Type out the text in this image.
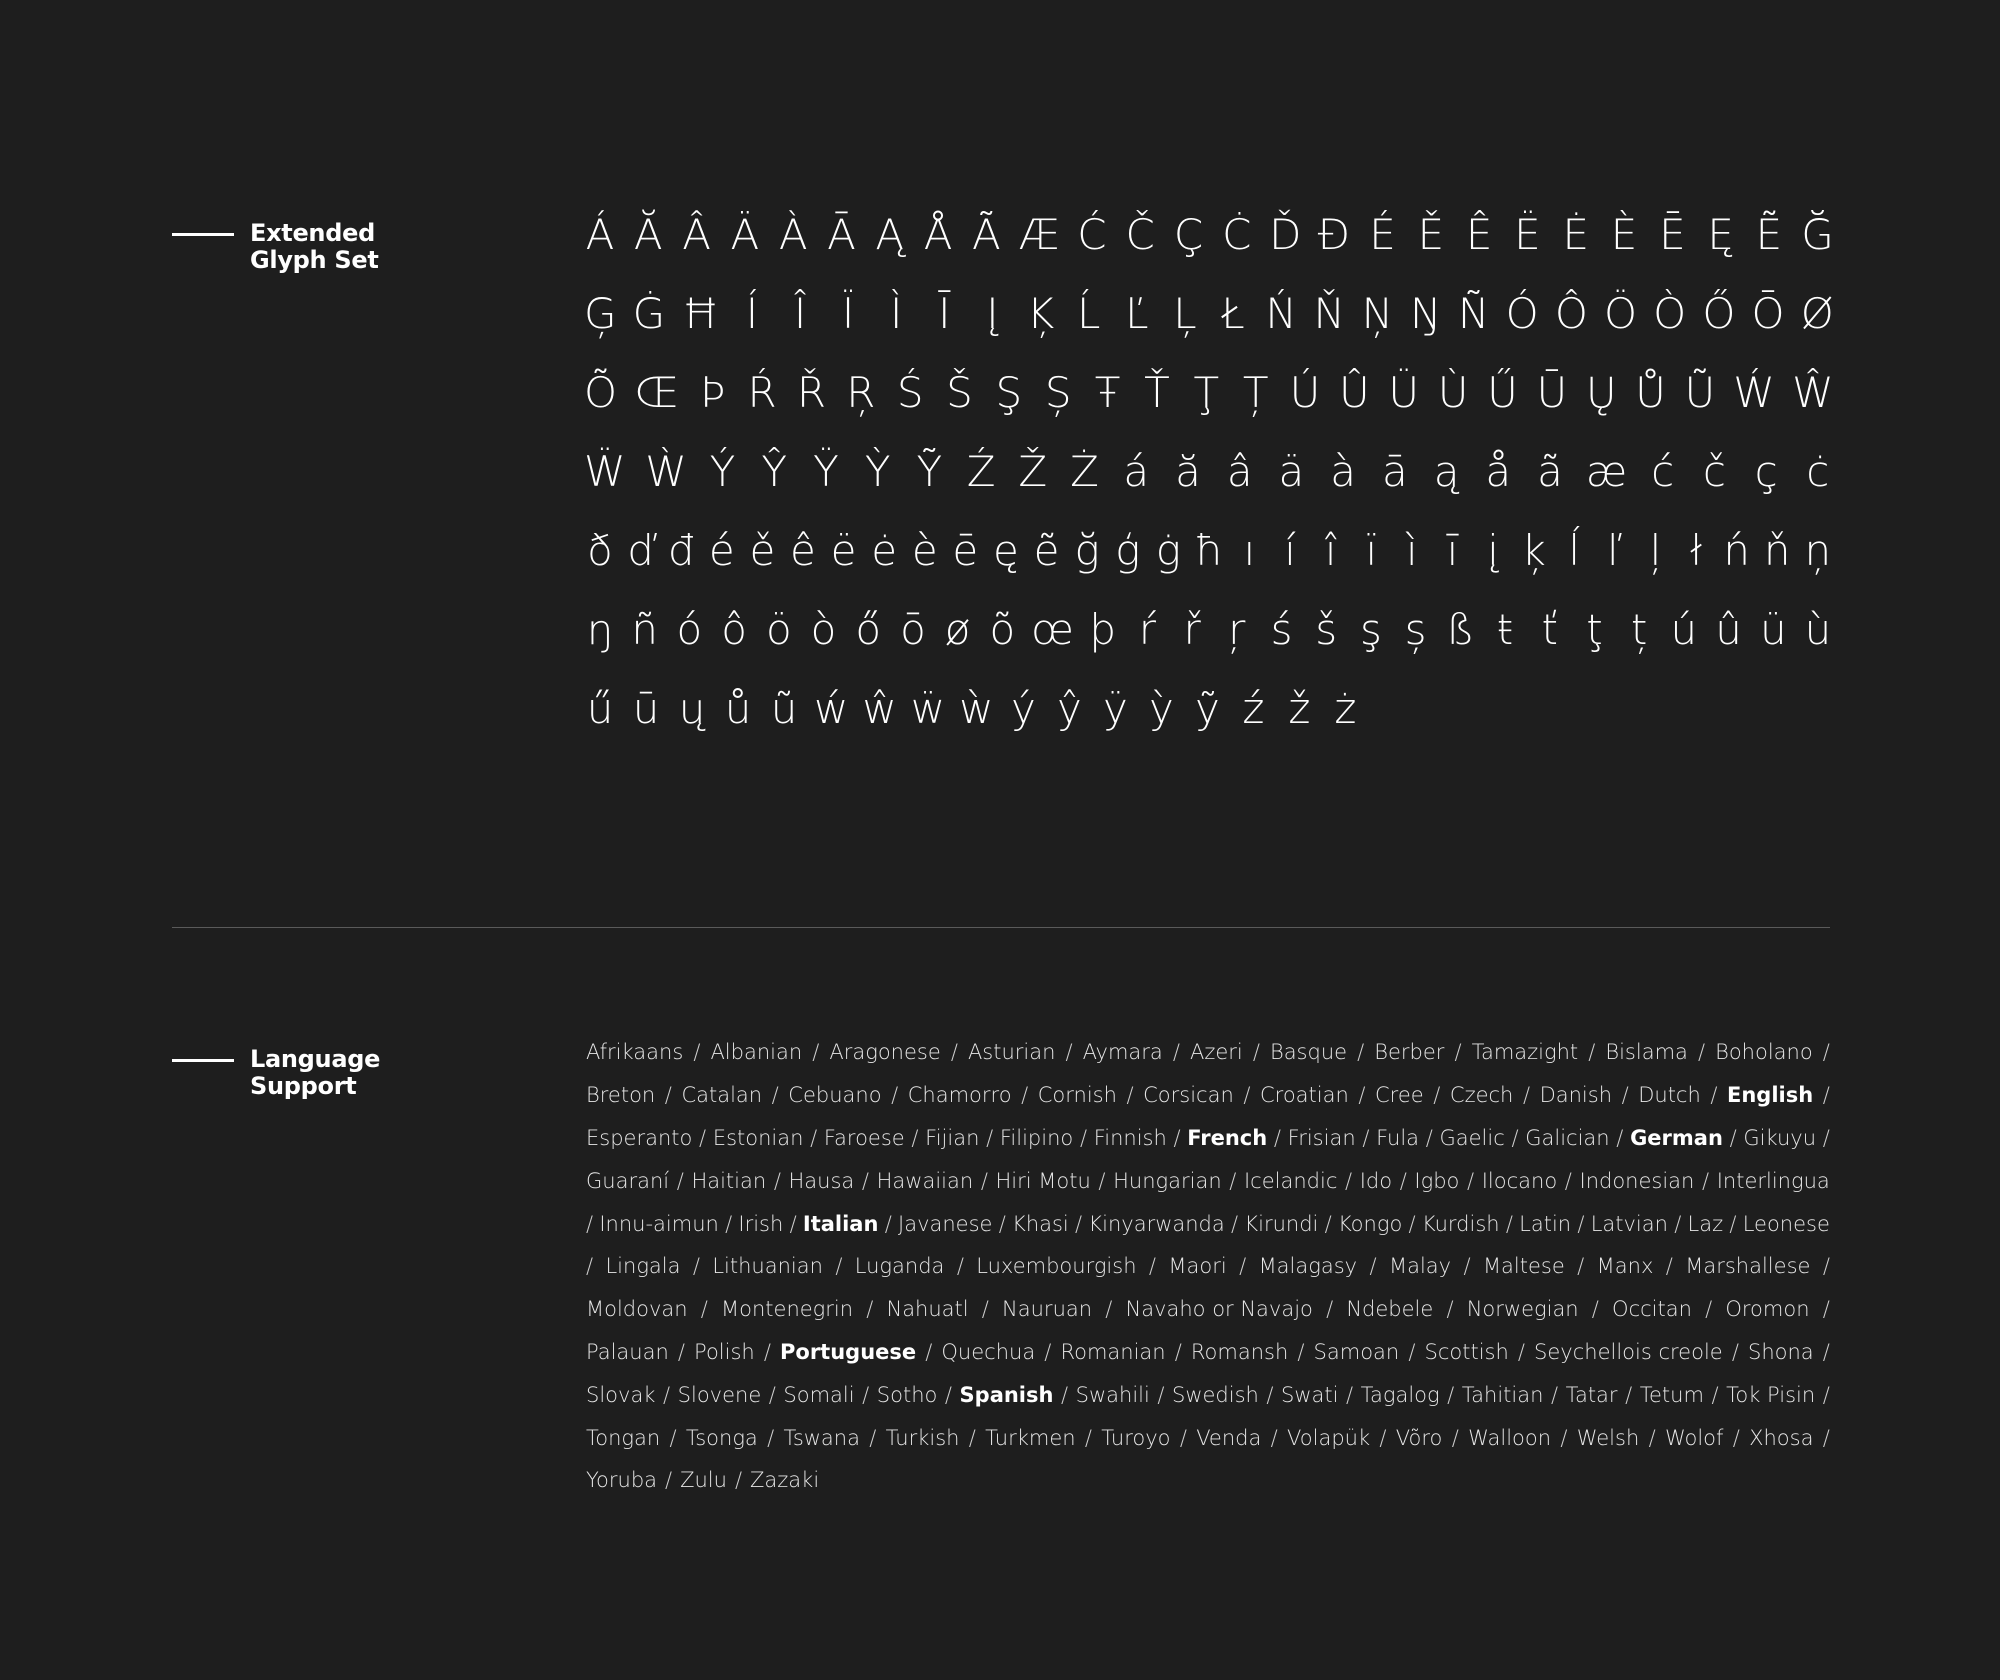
Extended
Glyph Set
Á Ă Â Ä À Ā Ą Å Ã Æ Ć Č Ç Ċ Ď Đ É Ě Ê Ë Ė È Ē Ę Ẽ Ğ
Ģ Ġ Ħ Í Î Ï Ì Ī Į Ķ Ĺ Ľ Ļ Ł Ń Ň Ņ Ŋ Ñ Ó Ô Ö Ò Ő Ō Ø
Õ Œ Þ Ŕ Ř Ŗ Ś Š Ş Ș Ŧ Ť Ţ Ț Ú Û Ü Ù Ű Ū Ų Ů Ũ Ẃ Ŵ
Ẅ Ẁ Ý Ŷ Ÿ Ỳ Ỹ Ź Ž Ż á ă â ä à ā ą å ã æ ć č ç ċ
ð ď đ é ě ê ë ė è ē ę ẽ ğ ģ ġ ħ ı í î ï ì ī į ķ ĺ ľ ļ ł ń ň ņ
ŋ ñ ó ô ö ò ő ō ø õ œ þ ŕ ř ŗ ś š ş ș ß ŧ ť ţ ț ú û ü ù
ű ū ų ů ũ ẃ ŵ ẅ ẁ ý ŷ ÿ ỳ ỹ ź ž ż
Language
Support
Afrikaans / Albanian / Aragonese / Asturian / Aymara / Azeri / Basque / Berber / Tamazight / Bislama / Boholano /
Breton / Catalan / Cebuano / Chamorro / Cornish / Corsican / Croatian / Cree / Czech / Danish / Dutch / English /
Esperanto / Estonian / Faroese / Fijian / Filipino / Finnish / French / Frisian / Fula / Gaelic / Galician / German / Gikuyu /
Guaraní / Haitian / Hausa / Hawaiian / Hiri Motu / Hungarian / Icelandic / Ido / Igbo / Ilocano / Indonesian / Interlingua
/ Innu-aimun / Irish / Italian / Javanese / Khasi / Kinyarwanda / Kirundi / Kongo / Kurdish / Latin / Latvian / Laz / Leonese
/ Lingala / Lithuanian / Luganda / Luxembourgish / Maori / Malagasy / Malay / Maltese / Manx / Marshallese /
Moldovan / Montenegrin / Nahuatl / Nauruan / Navaho or Navajo / Ndebele / Norwegian / Occitan / Oromon /
Palauan / Polish / Portuguese / Quechua / Romanian / Romansh / Samoan / Scottish / Seychellois creole / Shona /
Slovak / Slovene / Somali / Sotho / Spanish / Swahili / Swedish / Swati / Tagalog / Tahitian / Tatar / Tetum / Tok Pisin /
Tongan / Tsonga / Tswana / Turkish / Turkmen / Turoyo / Venda / Volapük / Võro / Walloon / Welsh / Wolof / Xhosa /
Yoruba / Zulu / Zazaki
